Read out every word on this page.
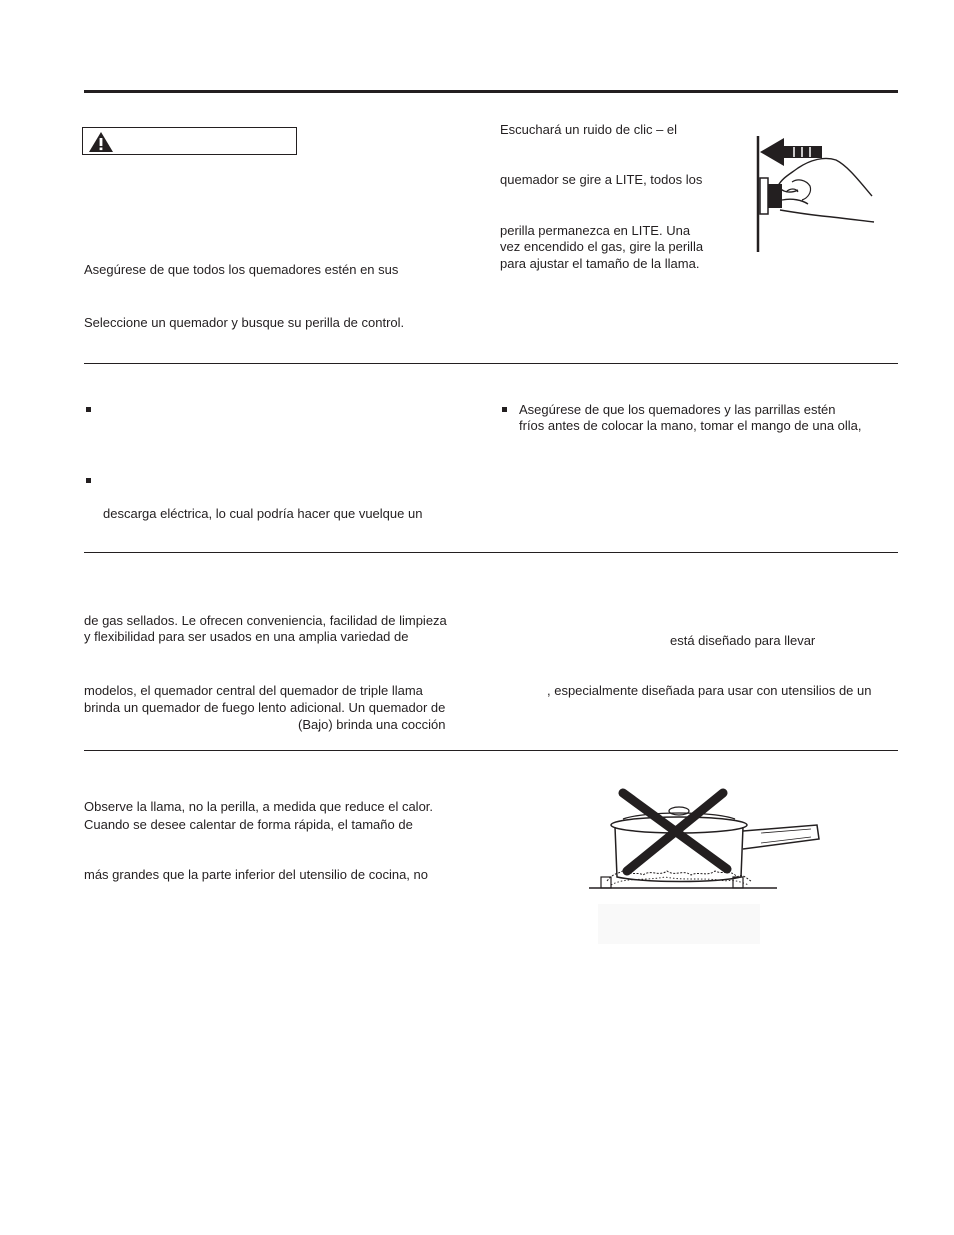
Asegúrese de que todos los quemadores estén en sus

Seleccione un quemador y busque su perilla de control.

Escuchará un ruido de clic – el

quemador se gire a LITE, todos los

perilla permanezca en LITE. Una

vez encendido el gas, gire la perilla

para ajustar el tamaño de la llama.

descarga eléctrica, lo cual podría hacer que vuelque un

Asegúrese de que los quemadores y las parrillas estén

fríos antes de colocar la mano, tomar el mango de una olla,

de gas sellados. Le ofrecen conveniencia, facilidad de limpieza

y flexibilidad para ser usados en una amplia variedad de

modelos, el quemador central del quemador de triple llama

brinda un quemador de fuego lento adicional. Un quemador de

(Bajo) brinda una cocción

está diseñado para llevar

, especialmente diseñada para usar con utensilios de un

Observe la llama, no la perilla, a medida que reduce el calor.

Cuando se desee calentar de forma rápida, el tamaño de

más grandes que la parte inferior del utensilio de cocina, no
